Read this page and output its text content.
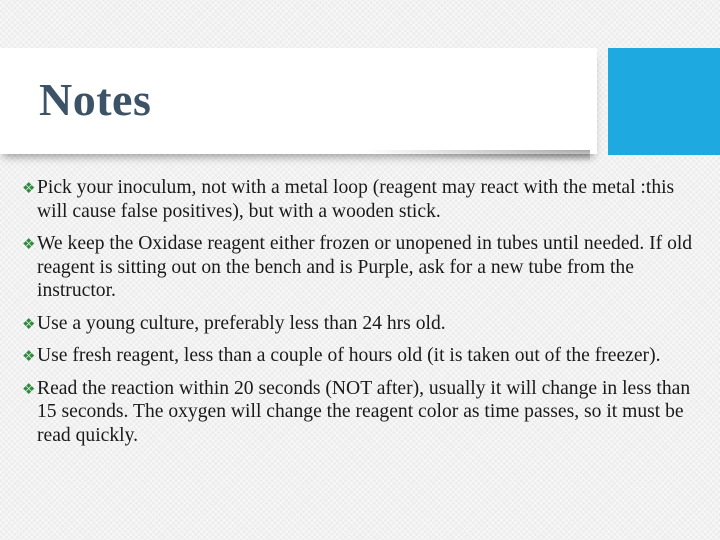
Notes
❖ Pick your inoculum, not with a metal loop (reagent may react with the metal :this will cause false positives), but with a wooden stick.
❖ We keep the Oxidase reagent either frozen or unopened in tubes until needed. If old reagent is sitting out on the bench and is Purple, ask for a new tube from the instructor.
❖ Use a young culture, preferably less than 24 hrs old.
❖ Use fresh reagent, less than a couple of hours old (it is taken out of the freezer).
❖ Read the reaction within 20 seconds (NOT after), usually it will change in less than 15 seconds. The oxygen will change the reagent color as time passes, so it must be read quickly.
